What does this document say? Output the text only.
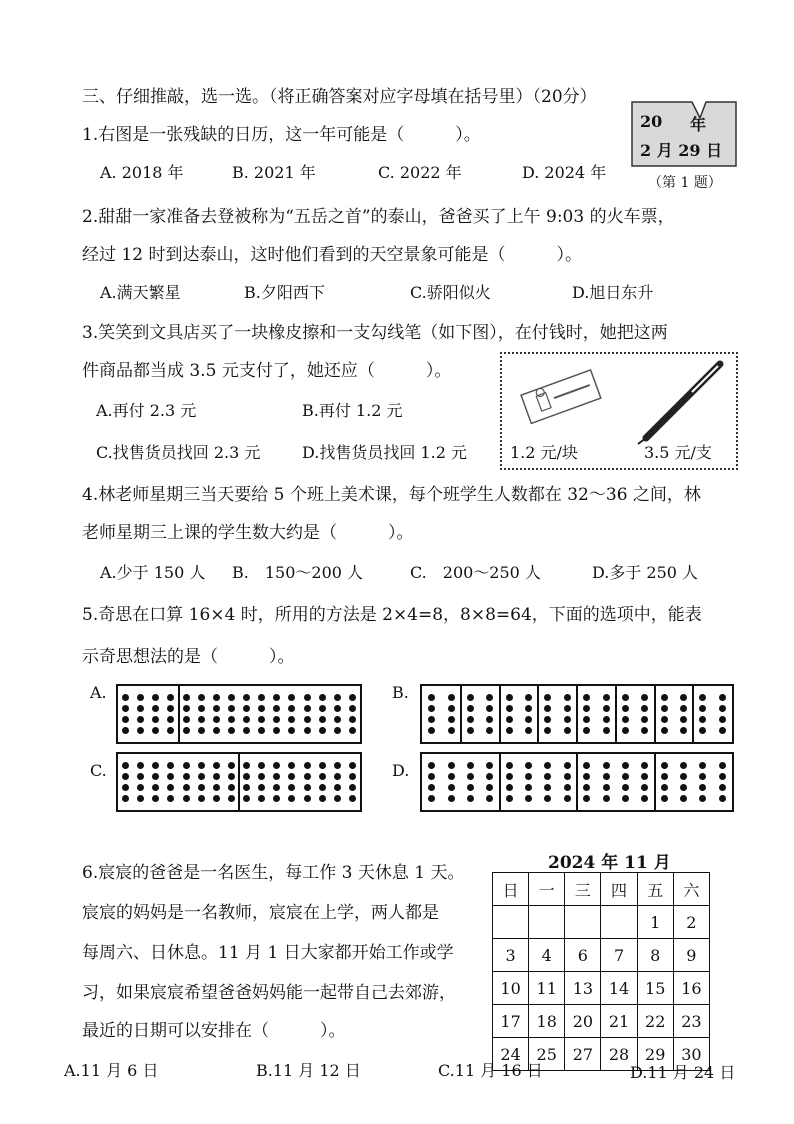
三、仔细推敲，选一选。（将正确答案对应字母填在括号里）（20分）
1.右图是一张残缺的日历，这一年可能是（　　　）。
A. 2018 年	B. 2021 年	C. 2022 年	D. 2024 年
20 年
2 月 29 日
（第 1 题）
2.甜甜一家准备去登被称为“五岳之首”的泰山，爸爸买了上午 9:03 的火车票，
经过 12 时到达泰山，这时他们看到的天空景象可能是（　　　）。
A.满天繁星	B.夕阳西下	C.骄阳似火	D.旭日东升
3.笑笑到文具店买了一块橡皮擦和一支勾线笔（如下图），在付钱时，她把这两
件商品都当成 3.5 元支付了，她还应（　　　）。
A.再付 2.3 元	B.再付 1.2 元
C.找售货员找回 2.3 元	D.找售货员找回 1.2 元	1.2 元/块	3.5 元/支
4.林老师星期三当天要给 5 个班上美术课，每个班学生人数都在 32～36 之间，林
老师星期三上课的学生数大约是（　　　）。
A.少于 150 人 B.　150～200 人	C.　200～250 人	D.多于 250 人
5.奇思在口算 16×4 时，所用的方法是 2×4=8，8×8=64，下面的选项中，能表
示奇思想法的是（　　　）。
A.	B.
C.	D.
6.宸宸的爸爸是一名医生，每工作 3 天休息 1 天。
宸宸的妈妈是一名教师，宸宸在上学，两人都是
每周六、日休息。11 月 1 日大家都开始工作或学
习，如果宸宸希望爸爸妈妈能一起带自己去郊游，
最近的日期可以安排在（　　　）。
2024 年 11 月
日	一	三	四	五	六
				1	2
3	4	6	7	8	9
10	11	13	14	15	16
17	18	20	21	22	23
24	25	27	28	29	30
A.11 月 6 日	B.11 月 12 日	C.11 月 16 日	D.11 月 24 日
